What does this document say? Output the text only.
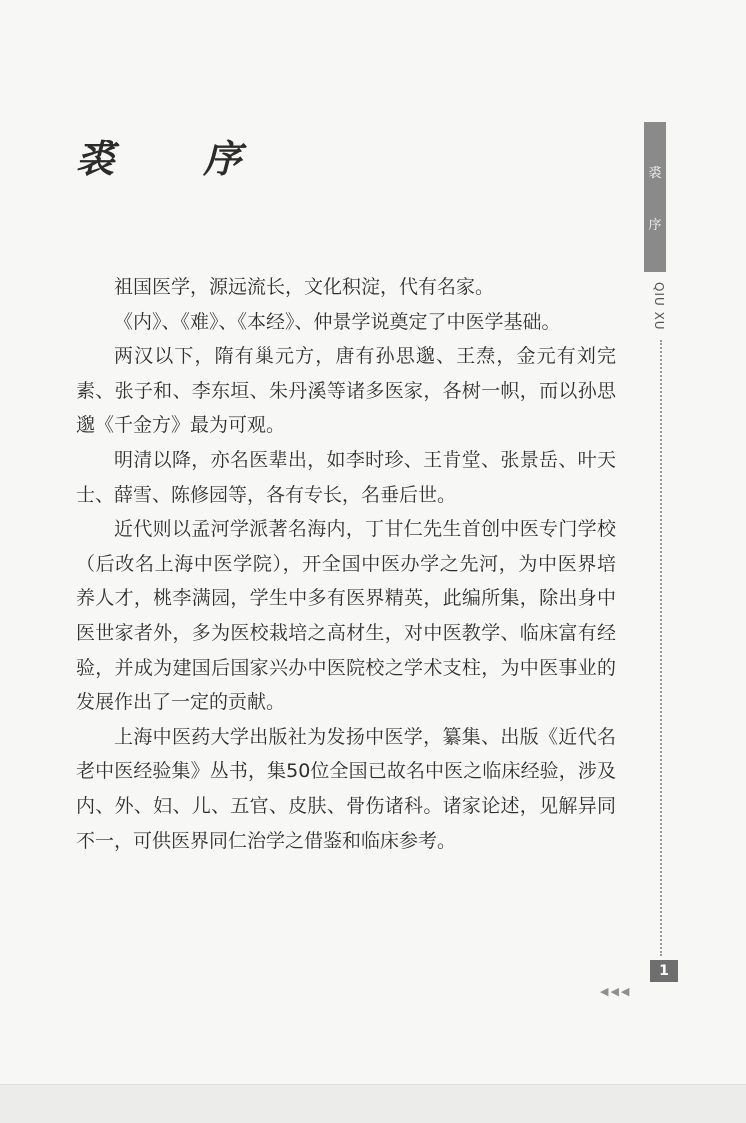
裘 序

祖国医学，源远流长，文化积淀，代有名家。

《内》、《难》、《本经》、仲景学说奠定了中医学基础。

两汉以下，隋有巢元方，唐有孙思邈、王焘，金元有刘完素、张子和、李东垣、朱丹溪等诸多医家，各树一帜，而以孙思邈《千金方》最为可观。

明清以降，亦名医辈出，如李时珍、王肯堂、张景岳、叶天士、薛雪、陈修园等，各有专长，名垂后世。

近代则以孟河学派著名海内，丁甘仁先生首创中医专门学校（后改名上海中医学院），开全国中医办学之先河，为中医界培养人才，桃李满园，学生中多有医界精英，此编所集，除出身中医世家者外，多为医校栽培之高材生，对中医教学、临床富有经验，并成为建国后国家兴办中医院校之学术支柱，为中医事业的发展作出了一定的贡献。

上海中医药大学出版社为发扬中医学，纂集、出版《近代名老中医经验集》丛书，集50位全国已故名中医之临床经验，涉及内、外、妇、儿、五官、皮肤、骨伤诸科。诸家论述，见解异同不一，可供医界同仁治学之借鉴和临床参考。

裘
序
QIU XU
1
◀◀◀
